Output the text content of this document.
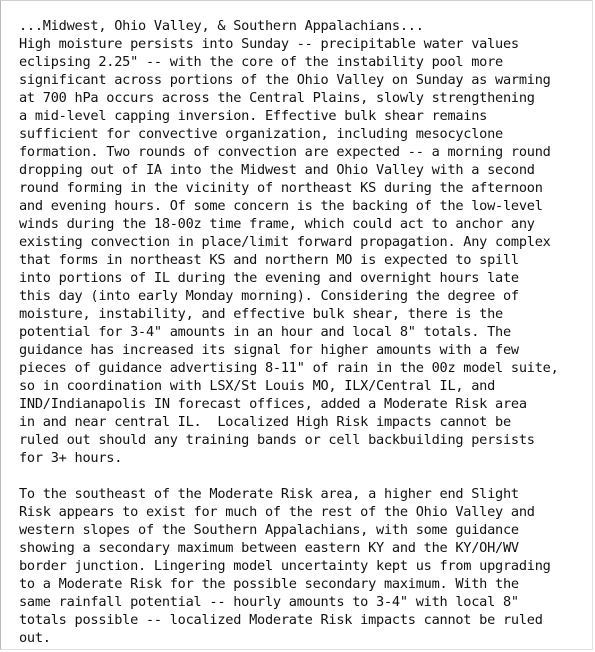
...Midwest, Ohio Valley, & Southern Appalachians...
High moisture persists into Sunday -- precipitable water values
eclipsing 2.25" -- with the core of the instability pool more
significant across portions of the Ohio Valley on Sunday as warming
at 700 hPa occurs across the Central Plains, slowly strengthening
a mid-level capping inversion. Effective bulk shear remains
sufficient for convective organization, including mesocyclone
formation. Two rounds of convection are expected -- a morning round
dropping out of IA into the Midwest and Ohio Valley with a second
round forming in the vicinity of northeast KS during the afternoon
and evening hours. Of some concern is the backing of the low-level
winds during the 18-00z time frame, which could act to anchor any
existing convection in place/limit forward propagation. Any complex
that forms in northeast KS and northern MO is expected to spill
into portions of IL during the evening and overnight hours late
this day (into early Monday morning). Considering the degree of
moisture, instability, and effective bulk shear, there is the
potential for 3-4" amounts in an hour and local 8" totals. The
guidance has increased its signal for higher amounts with a few
pieces of guidance advertising 8-11" of rain in the 00z model suite,
so in coordination with LSX/St Louis MO, ILX/Central IL, and
IND/Indianapolis IN forecast offices, added a Moderate Risk area
in and near central IL.  Localized High Risk impacts cannot be
ruled out should any training bands or cell backbuilding persists
for 3+ hours.

To the southeast of the Moderate Risk area, a higher end Slight
Risk appears to exist for much of the rest of the Ohio Valley and
western slopes of the Southern Appalachians, with some guidance
showing a secondary maximum between eastern KY and the KY/OH/WV
border junction. Lingering model uncertainty kept us from upgrading
to a Moderate Risk for the possible secondary maximum. With the
same rainfall potential -- hourly amounts to 3-4" with local 8"
totals possible -- localized Moderate Risk impacts cannot be ruled
out.
